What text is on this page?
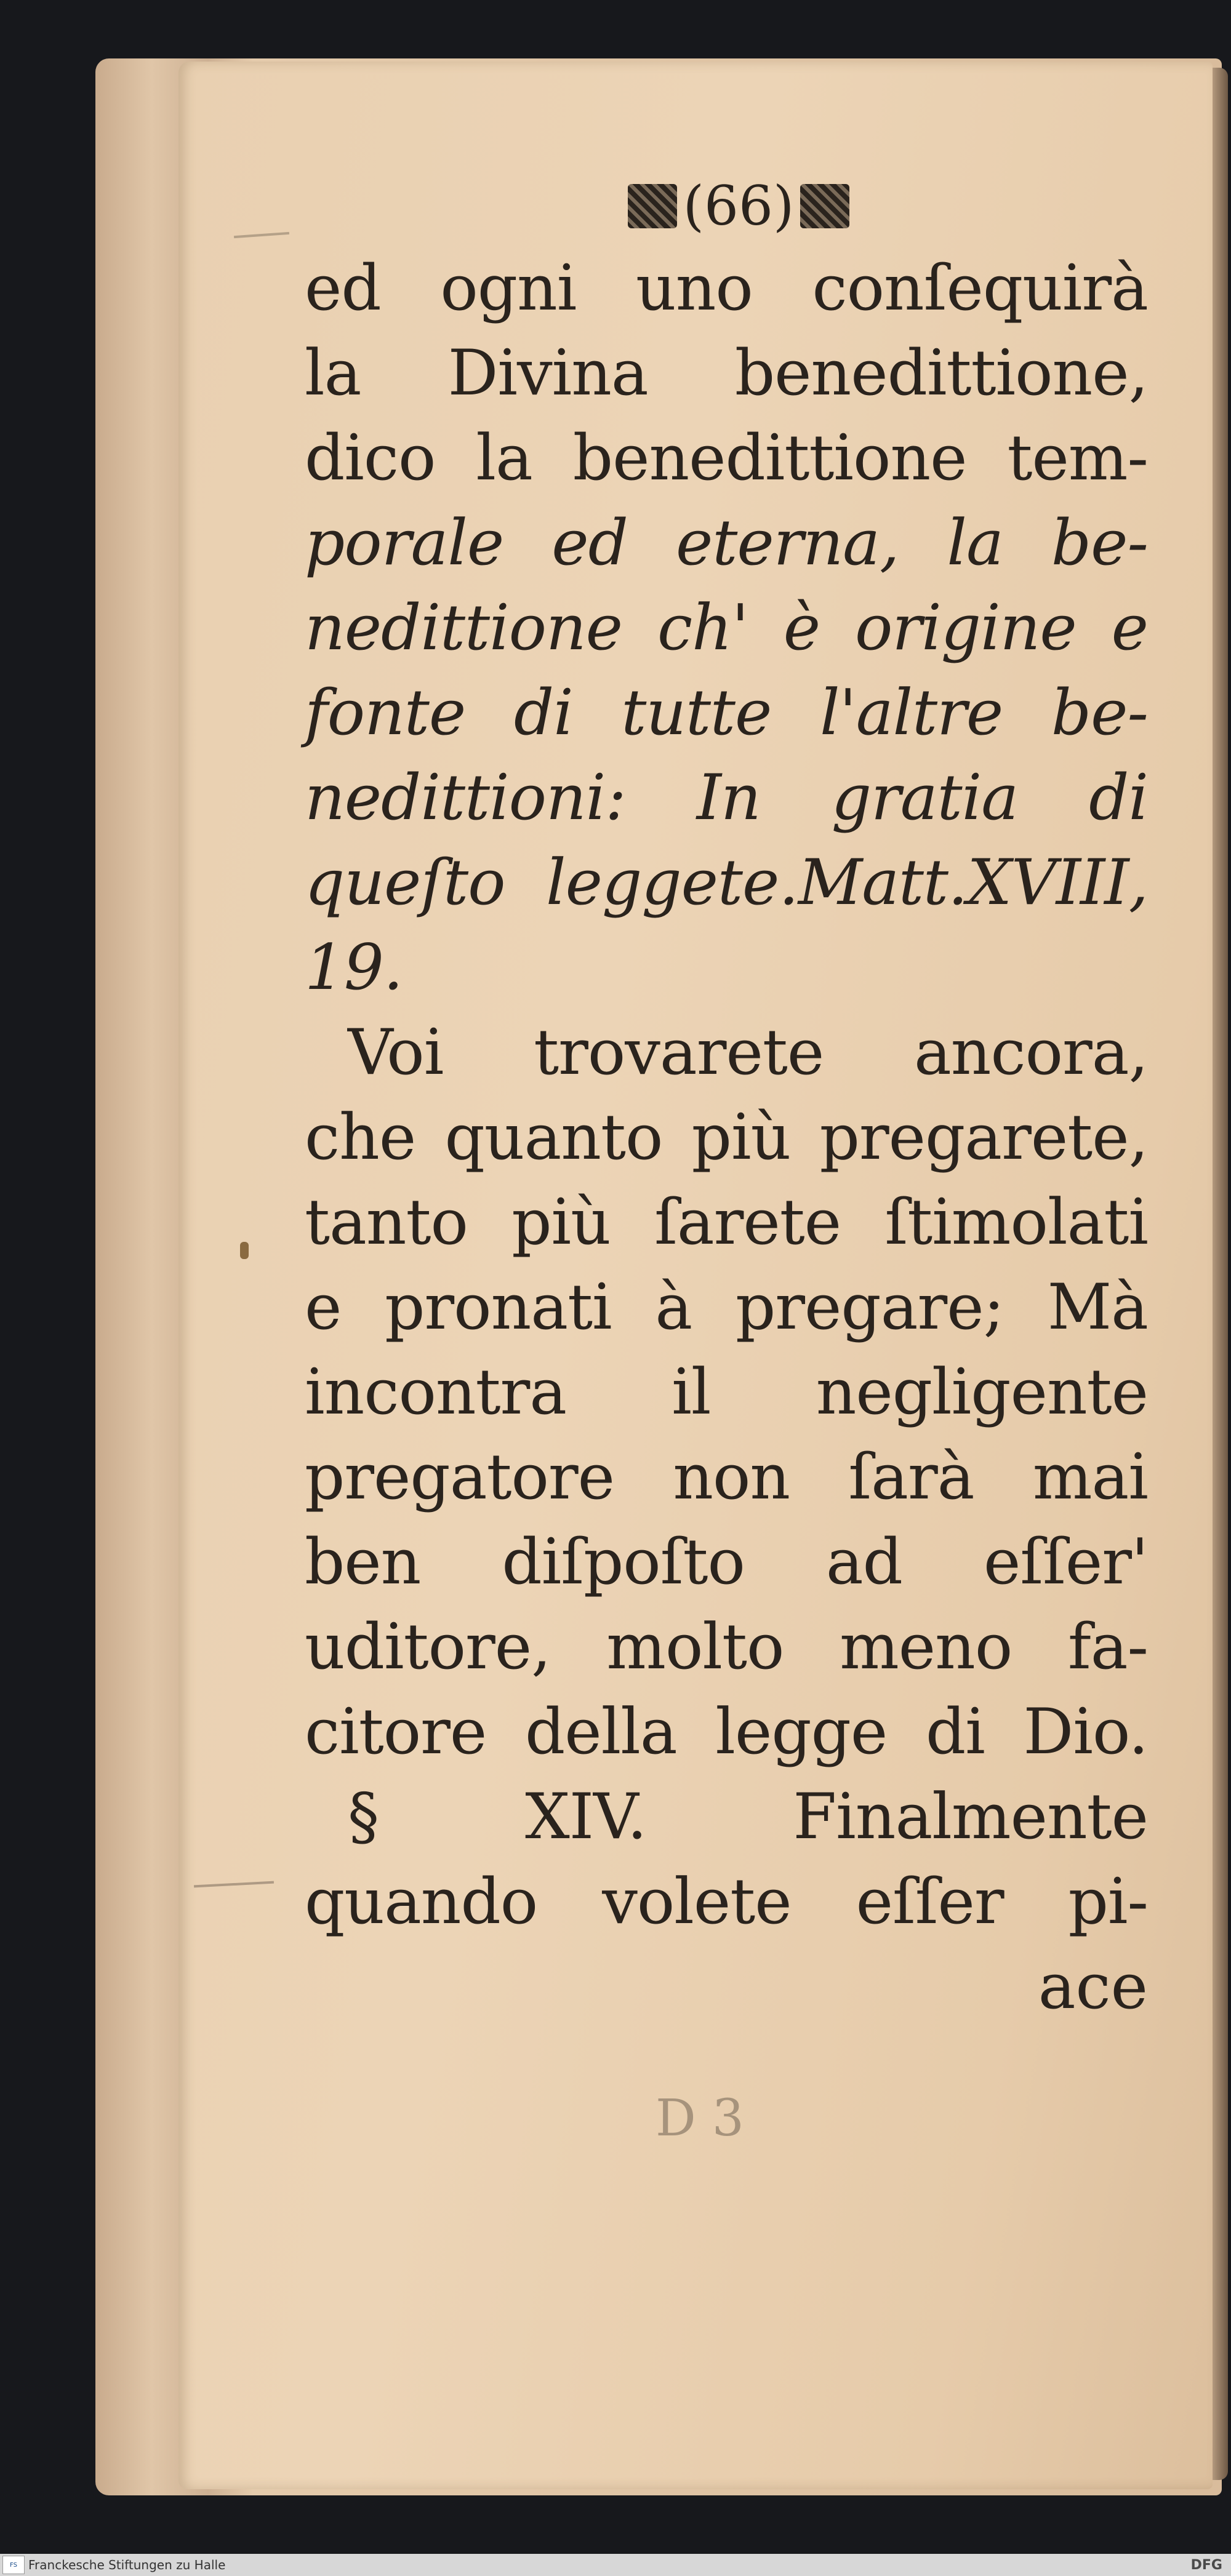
(66)
ed ogni uno conſequirà
la Divina benedittione,
dico la benedittione tem-
porale ed eterna, la be-
nedittione ch' è origine e
fonte di tutte l'altre be-
nedittioni: In gratia di
queſto leggete.Matt.XVIII,
19.
Voi trovarete ancora,
che quanto più pregarete,
tanto più ſarete ſtimolati
e pronati à pregare; Mà
incontra il negligente
pregatore non ſarà mai
ben diſpoſto ad eſſer'
uditore, molto meno fa-
citore della legge di Dio.
§ XIV. Finalmente
quando volete eſſer pi-
ace
D 3
FS Franckesche Stiftungen zu Halle	DFG
